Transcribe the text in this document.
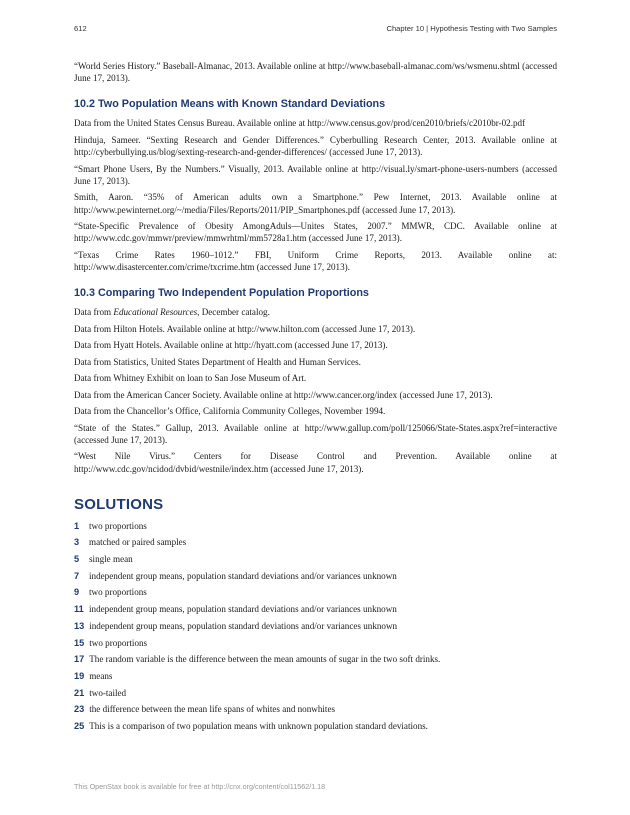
612	Chapter 10 | Hypothesis Testing with Two Samples

“World Series History.” Baseball-Almanac, 2013. Available online at http://www.baseball-almanac.com/ws/wsmenu.shtml (accessed June 17, 2013).

10.2 Two Population Means with Known Standard Deviations

Data from the United States Census Bureau. Available online at http://www.census.gov/prod/cen2010/briefs/c2010br-02.pdf

Hinduja, Sameer. “Sexting Research and Gender Differences.” Cyberbulling Research Center, 2013. Available online at http://cyberbullying.us/blog/sexting-research-and-gender-differences/ (accessed June 17, 2013).

“Smart Phone Users, By the Numbers.” Visually, 2013. Available online at http://visual.ly/smart-phone-users-numbers (accessed June 17, 2013).

Smith, Aaron. “35% of American adults own a Smartphone.” Pew Internet, 2013. Available online at http://www.pewinternet.org/~/media/Files/Reports/2011/PIP_Smartphones.pdf (accessed June 17, 2013).

“State-Specific Prevalence of Obesity AmongAduls—Unites States, 2007.” MMWR, CDC. Available online at http://www.cdc.gov/mmwr/preview/mmwrhtml/mm5728a1.htm (accessed June 17, 2013).

“Texas Crime Rates 1960–1012.” FBI, Uniform Crime Reports, 2013. Available online at: http://www.disastercenter.com/crime/txcrime.htm (accessed June 17, 2013).

10.3 Comparing Two Independent Population Proportions

Data from Educational Resources, December catalog.

Data from Hilton Hotels. Available online at http://www.hilton.com (accessed June 17, 2013).

Data from Hyatt Hotels. Available online at http://hyatt.com (accessed June 17, 2013).

Data from Statistics, United States Department of Health and Human Services.

Data from Whitney Exhibit on loan to San Jose Museum of Art.

Data from the American Cancer Society. Available online at http://www.cancer.org/index (accessed June 17, 2013).

Data from the Chancellor’s Office, California Community Colleges, November 1994.

“State of the States.” Gallup, 2013. Available online at http://www.gallup.com/poll/125066/State-States.aspx?ref=interactive (accessed June 17, 2013).

“West Nile Virus.” Centers for Disease Control and Prevention. Available online at http://www.cdc.gov/ncidod/dvbid/westnile/index.htm (accessed June 17, 2013).

SOLUTIONS
1	two proportions
3	matched or paired samples
5	single mean
7	independent group means, population standard deviations and/or variances unknown
9	two proportions
11 independent group means, population standard deviations and/or variances unknown
13 independent group means, population standard deviations and/or variances unknown
15 two proportions
17 The random variable is the difference between the mean amounts of sugar in the two soft drinks.
19 means
21 two-tailed
23 the difference between the mean life spans of whites and nonwhites
25 This is a comparison of two population means with unknown population standard deviations.
This OpenStax book is available for free at http://cnx.org/content/col11562/1.18
